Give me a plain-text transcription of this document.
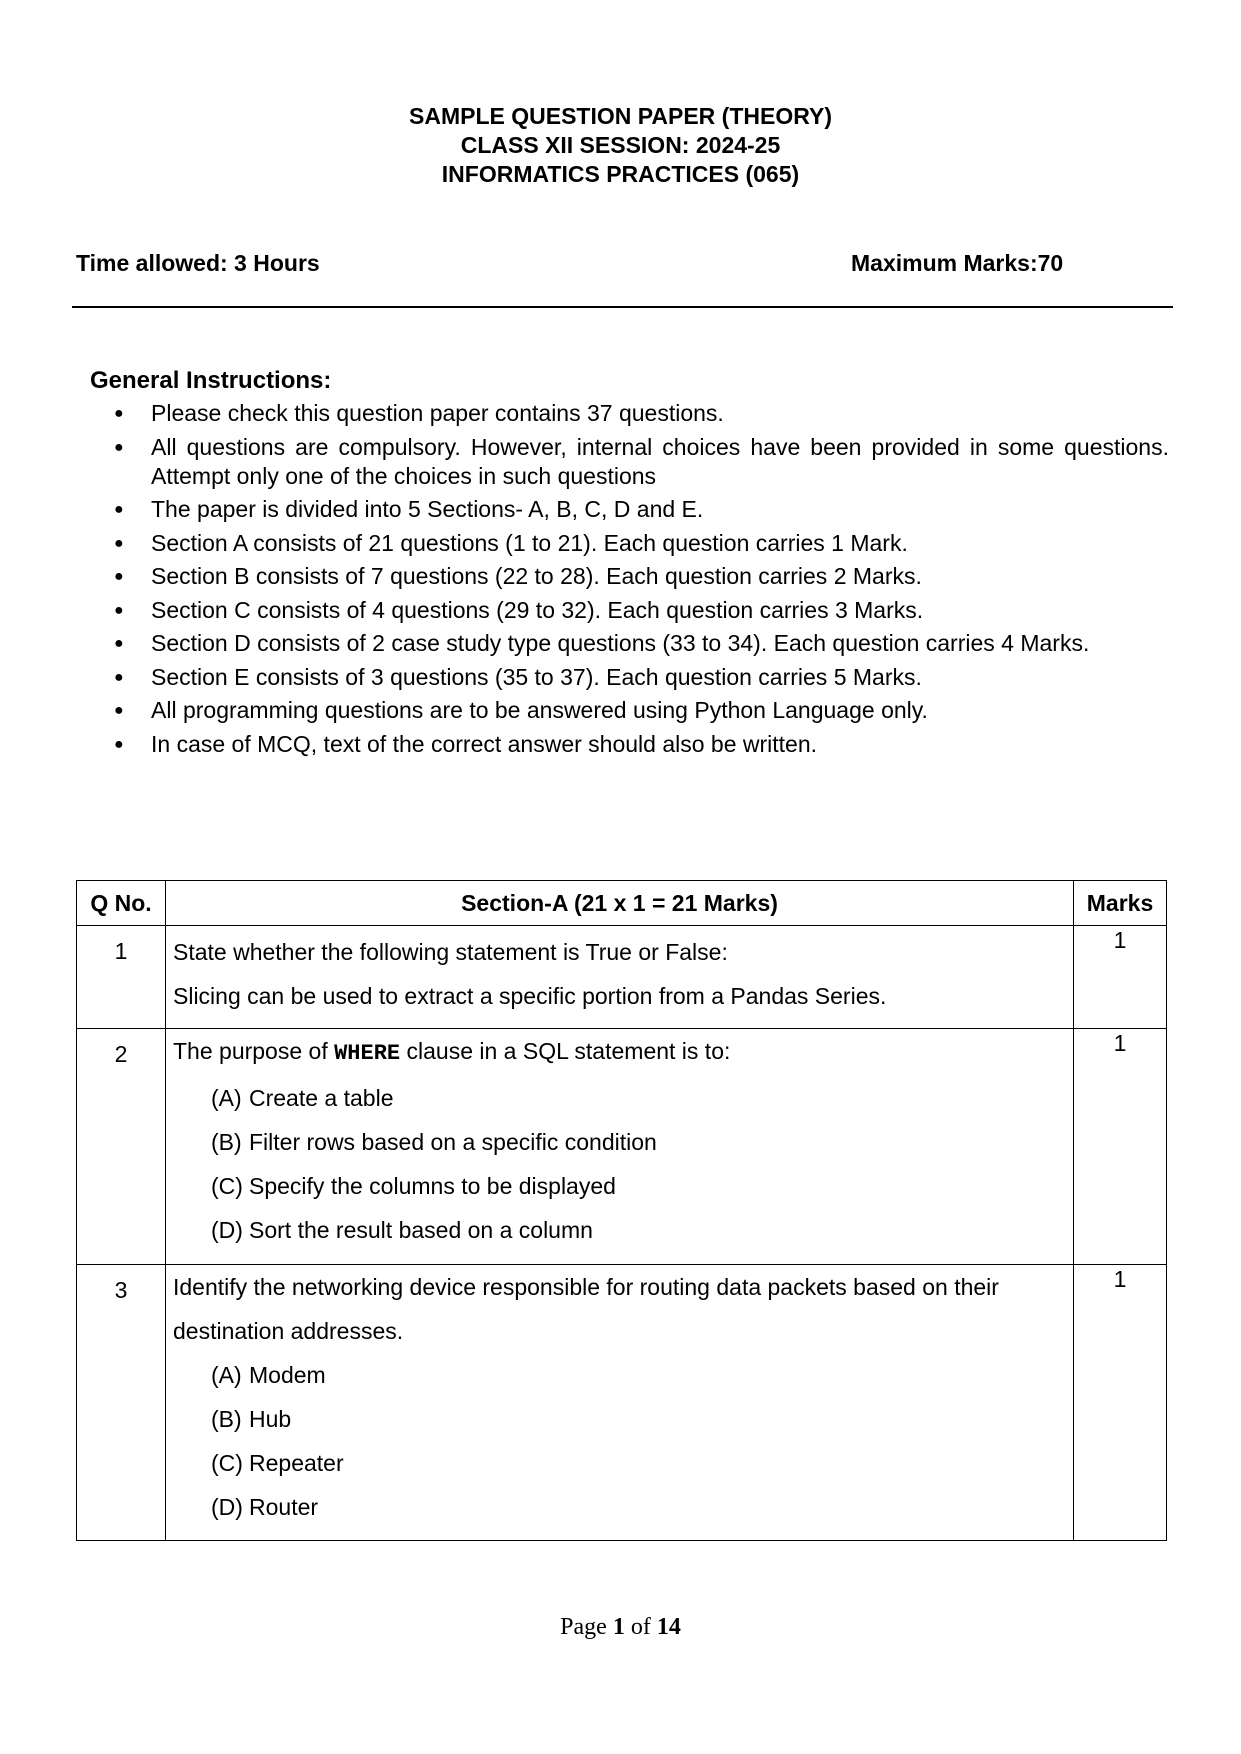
SAMPLE QUESTION PAPER (THEORY)
CLASS XII SESSION: 2024-25
INFORMATICS PRACTICES (065)
Time allowed: 3 Hours	Maximum Marks:70
General Instructions:
● Please check this question paper contains 37 questions.
● All questions are compulsory. However, internal choices have been provided in some questions. Attempt only one of the choices in such questions
● The paper is divided into 5 Sections- A, B, C, D and E.
● Section A consists of 21 questions (1 to 21). Each question carries 1 Mark.
● Section B consists of 7 questions (22 to 28). Each question carries 2 Marks.
● Section C consists of 4 questions (29 to 32). Each question carries 3 Marks.
● Section D consists of 2 case study type questions (33 to 34). Each question carries 4 Marks.
● Section E consists of 3 questions (35 to 37). Each question carries 5 Marks.
● All programming questions are to be answered using Python Language only.
● In case of MCQ, text of the correct answer should also be written.
Q No.	Section-A (21 x 1 = 21 Marks)	Marks
1	State whether the following statement is True or False:
Slicing can be used to extract a specific portion from a Pandas Series.	1
2	The purpose of WHERE clause in a SQL statement is to:
(A) Create a table
(B) Filter rows based on a specific condition
(C) Specify the columns to be displayed
(D) Sort the result based on a column	1
3	Identify the networking device responsible for routing data packets based on their destination addresses.
(A) Modem
(B) Hub
(C) Repeater
(D) Router	1
Page 1 of 14
